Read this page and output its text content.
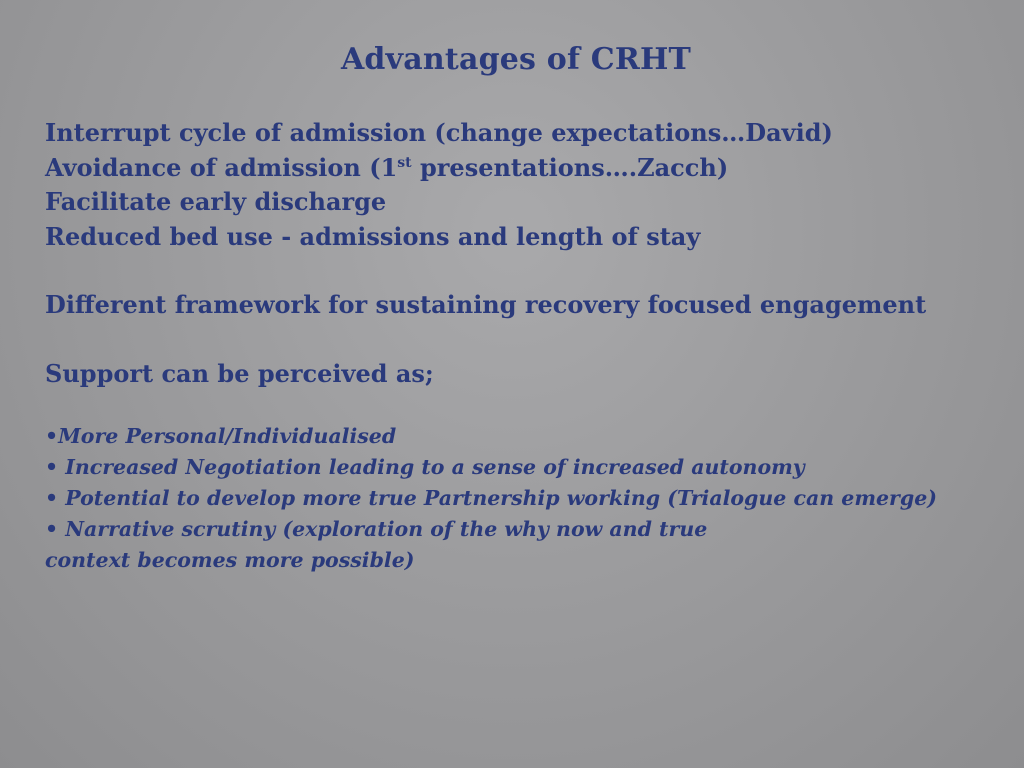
Advantages of CRHT
Interrupt cycle of admission (change expectations…David)
Avoidance of admission (1st presentations….Zacch)
Facilitate early discharge
Reduced bed use - admissions and length of stay
Different framework for sustaining recovery focused engagement
Support can be perceived as;
•More Personal/Individualised
• Increased Negotiation leading to a sense of increased autonomy
• Potential to develop more true Partnership working (Trialogue can emerge)
• Narrative scrutiny (exploration of the why now and true
context becomes more possible)
